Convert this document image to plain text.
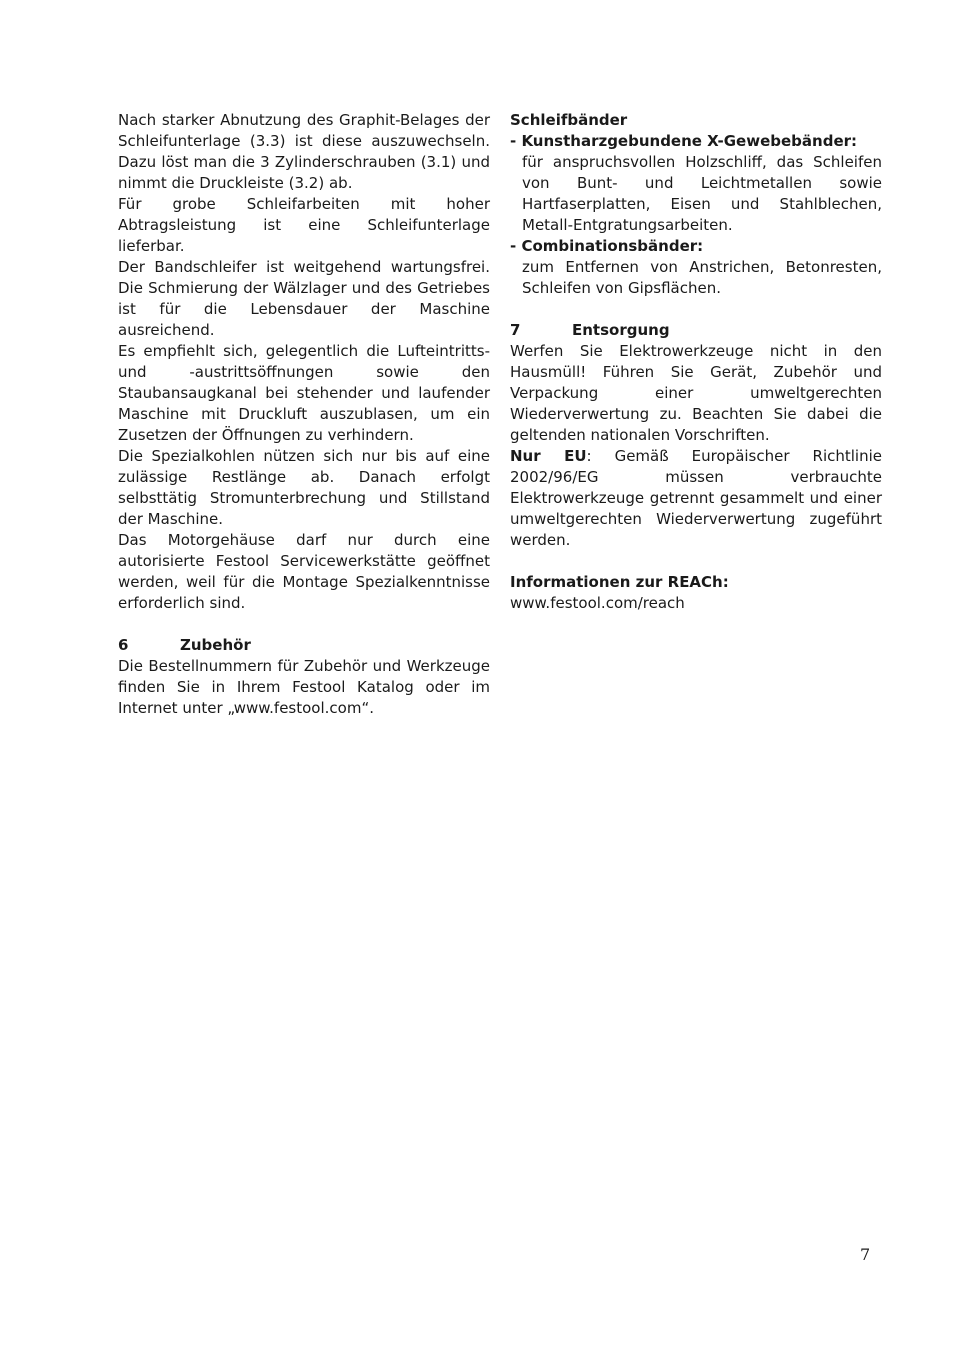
Nach starker Abnutzung des Graphit-Belages der Schleifunterlage (3.3) ist diese auszuwechseln. Dazu löst man die 3 Zylinderschrauben (3.1) und nimmt die Druckleiste (3.2) ab.

Für grobe Schleifarbeiten mit hoher Abtragsleistung ist eine Schleifunterlage lieferbar.

Der Bandschleifer ist weitgehend wartungsfrei. Die Schmierung der Wälzlager und des Getriebes ist für die Lebensdauer der Maschine ausreichend.

Es empfiehlt sich, gelegentlich die Lufteintritts- und -austrittsöffnungen sowie den Staubansaugkanal bei stehender und laufender Maschine mit Druckluft auszublasen, um ein Zusetzen der Öffnungen zu verhindern.

Die Spezialkohlen nützen sich nur bis auf eine zulässige Restlänge ab. Danach erfolgt selbsttätig Stromunterbrechung und Stillstand der Maschine.

Das Motorgehäuse darf nur durch eine autorisierte Festool Servicewerkstätte geöffnet werden, weil für die Montage Spezialkenntnisse erforderlich sind.

6	Zubehör

Die Bestellnummern für Zubehör und Werkzeuge finden Sie in Ihrem Festool Katalog oder im Internet unter „www.festool.com“.

Schleifbänder
- Kunstharzgebundene X-Gewebebänder:
für anspruchsvollen Holzschliff, das Schleifen von Bunt- und Leichtmetallen sowie Hartfaserplatten, Eisen und Stahlblechen, Metall-Entgratungsarbeiten.
- Combinationsbänder:
zum Entfernen von Anstrichen, Betonresten, Schleifen von Gipsflächen.
7	Entsorgung

Werfen Sie Elektrowerkzeuge nicht in den Hausmüll! Führen Sie Gerät, Zubehör und Verpackung einer umweltgerechten Wiederverwertung zu. Beachten Sie dabei die geltenden nationalen Vorschriften.

Nur EU: Gemäß Europäischer Richtlinie 2002/96/EG müssen verbrauchte Elektrowerkzeuge getrennt gesammelt und einer umweltgerechten Wiederverwertung zugeführt werden.

Informationen zur REACh:
www.festool.com/reach
7
